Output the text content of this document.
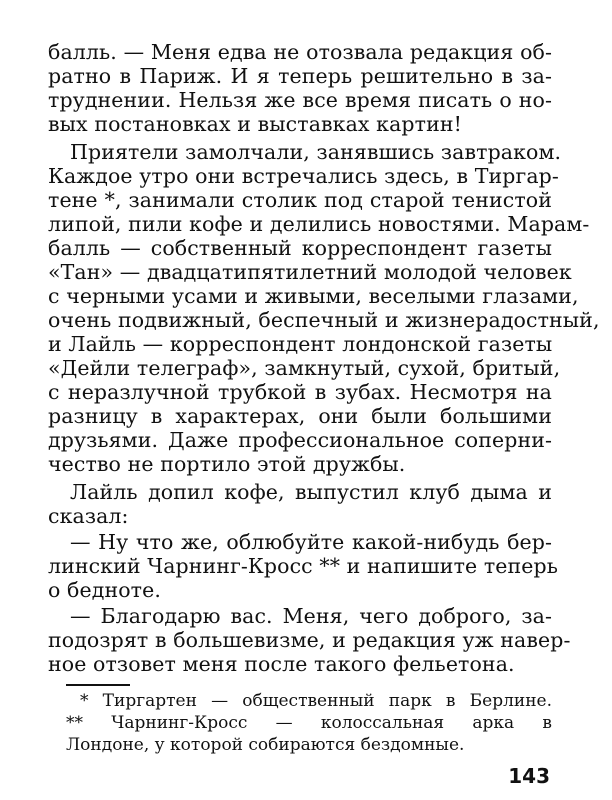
балль. — Меня едва не отозвала редакция об-
ратно в Париж. И я теперь решительно в за-
труднении. Нельзя же все время писать о но-
вых постановках и выставках картин!
Приятели замолчали, занявшись завтраком.
Каждое утро они встречались здесь, в Тиргар-
тене *, занимали столик под старой тенистой
липой, пили кофе и делились новостями. Марам-
балль — собственный корреспондент газеты
«Тан» — двадцатипятилетний молодой человек
с черными усами и живыми, веселыми глазами,
очень подвижный, беспечный и жизнерадостный,
и Лайль — корреспондент лондонской газеты
«Дейли телеграф», замкнутый, сухой, бритый,
с неразлучной трубкой в зубах. Несмотря на
разницу в характерах, они были большими
друзьями. Даже профессиональное соперни-
чество не портило этой дружбы.
Лайль допил кофе, выпустил клуб дыма и
сказал:
— Ну что же, облюбуйте какой-нибудь бер-
линский Чарнинг-Кросс ** и напишите теперь
о бедноте.
— Благодарю вас. Меня, чего доброго, за-
подозрят в большевизме, и редакция уж навер-
ное отзовет меня после такого фельетона.
* Тиргартен — общественный парк в Берлине.
** Чарнинг-Кросс — колоссальная арка в
Лондоне, у которой собираются бездомные.
143
